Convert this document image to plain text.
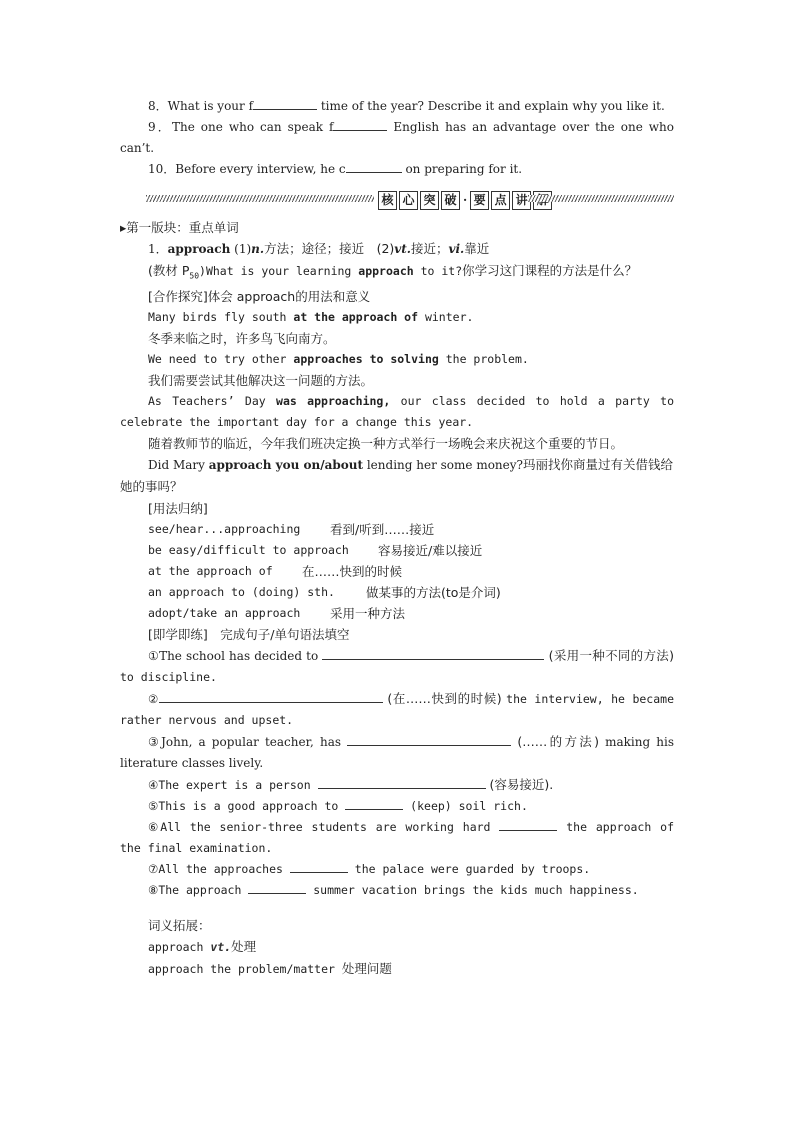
8．What is your f	time of the year? Describe it and explain why you like it.

9．The one who can speak f	English has an advantage over the one who can’t.

10．Before every interview, he c	on preparing for it.

核 心 突 破 · 要 点 讲

▸第一版块：重点单词

1．approach (1)n.方法；途径；接近　(2)vt.接近；vi.靠近

(教材 $P_{50})What$ is your learning approach to it?你学习这门课程的方法是什么？

[合作探究]体会 approach的用法和意义

Many birds fly south at the approach of winter.

冬季来临之时，许多鸟飞向南方。

We need to try other approaches to solving the problem.

我们需要尝试其他解决这一问题的方法。

As Teachers’ Day was approaching, our class decided to hold a party to celebrate the important day for a change this year.

随着教师节的临近，今年我们班决定换一种方式举行一场晚会来庆祝这个重要的节日。

Did Mary approach you on/about lending her some money?玛丽找你商量过有关借钱给她的事吗？

[用法归纳]

see/hear...approaching	看到/听到……接近
be easy/difficult to approach	容易接近/难以接近
at the approach of	在……快到的时候
an approach to (doing) sth.	做某事的方法(to是介词)
adopt/take an approach	采用一种方法

[即学即练]　完成句子/单句语法填空

①The school has decided to	(采用一种不同的方法) to discipline.

②	(在……快到的时候) the interview, he became rather nervous and upset.

③John, a popular teacher, has	(……的方法) making his literature classes lively.

④The expert is a person	(容易接近).

⑤This is a good approach to	(keep) soil rich.

⑥All the senior-three students are working hard	the approach of the final examination.

⑦All the approaches	the palace were guarded by troops.

⑧The approach	summer vacation brings the kids much happiness.

词义拓展：

approach vt.处理

approach the problem/matter 处理问题
